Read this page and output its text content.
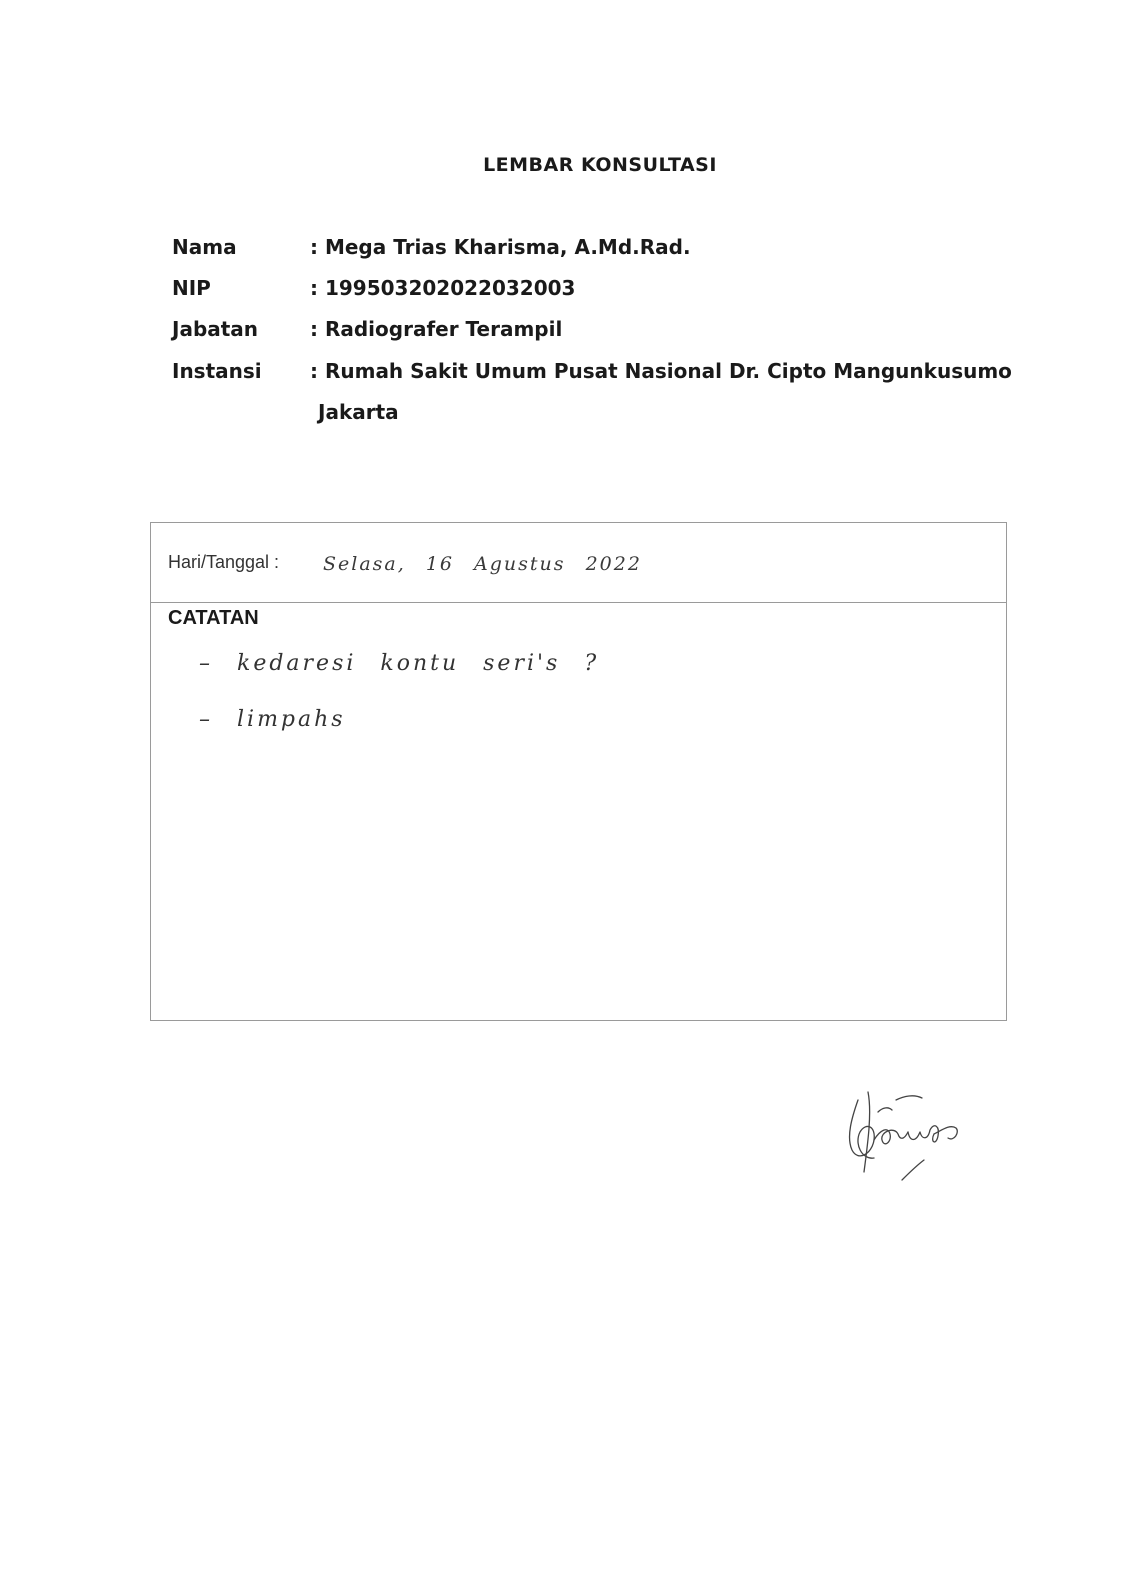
LEMBAR KONSULTASI
Nama	: Mega Trias Kharisma, A.Md.Rad.
NIP	: 199503202022032003
Jabatan	: Radiografer Terampil
Instansi : Rumah Sakit Umum Pusat Nasional Dr. Cipto Mangunkusumo
Jakarta
Hari/Tanggal : Selasa, 16 Agustus 2022
CATATAN
– kedaresi kontu seri's ?
– limpahs
